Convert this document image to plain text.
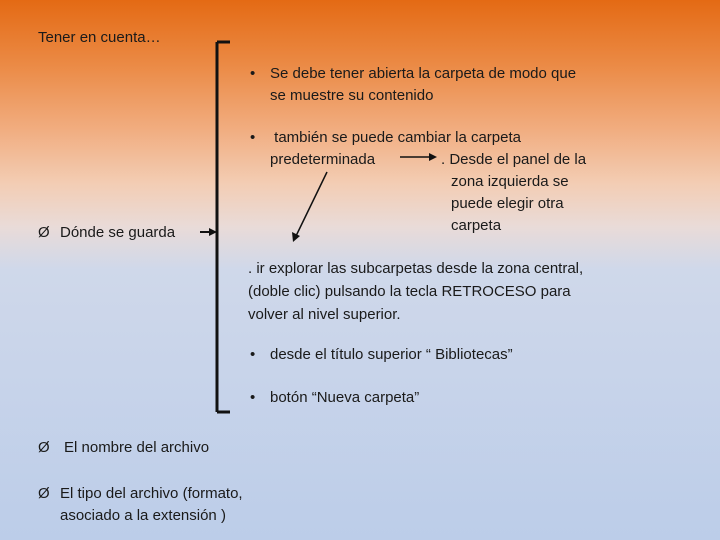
Tener en cuenta…
• Se debe tener abierta la carpeta de modo que
se muestre su contenido
• también se puede cambiar la carpeta
predeterminada	. Desde el panel de la
zona izquierda se
puede elegir otra
carpeta
Ø Dónde se guarda
. ir explorar las subcarpetas desde la zona central,
(doble clic) pulsando la tecla RETROCESO para
volver al nivel superior.
• desde el título superior “ Bibliotecas”
• botón “Nueva carpeta”
Ø El nombre del archivo
Ø El tipo del archivo (formato,
asociado a la extensión )
